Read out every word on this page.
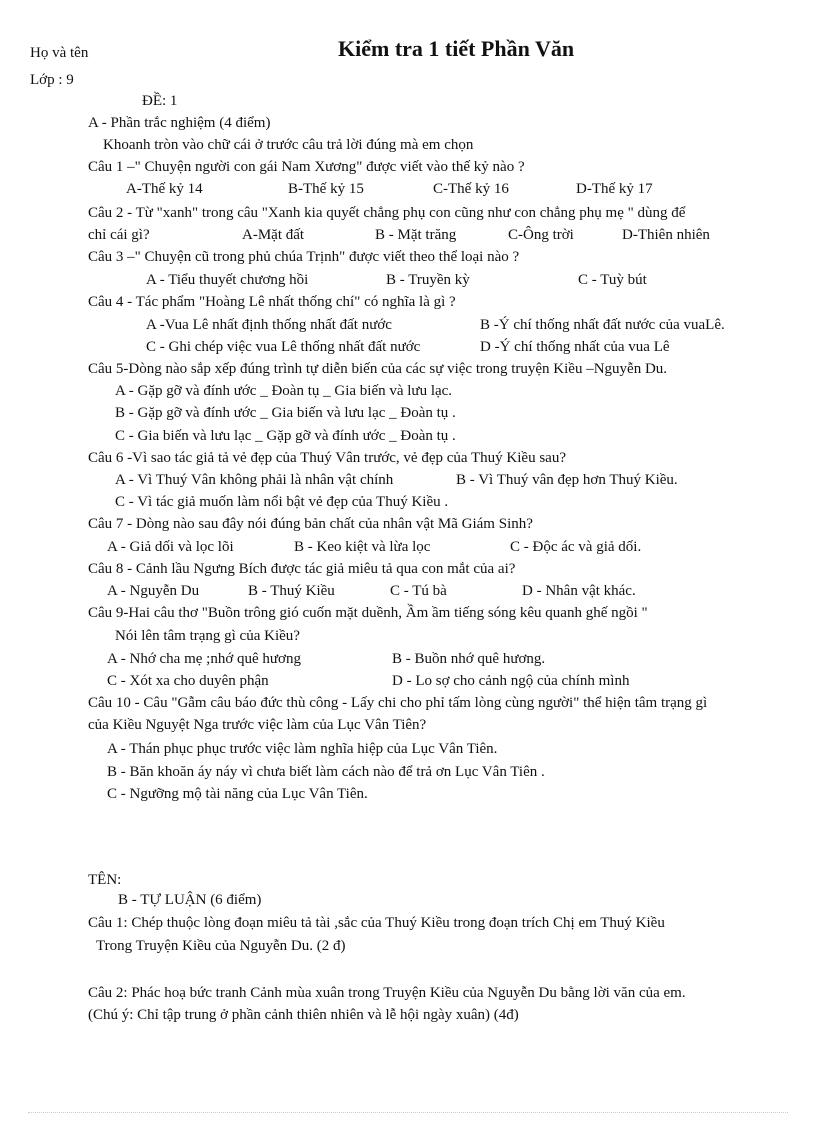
Họ và tên	Kiểm tra 1 tiết Phần Văn
Lớp : 9
ĐỀ: 1
A - Phần trắc nghiệm (4 điểm)
Khoanh tròn vào chữ cái ở trước câu trả lời đúng mà em chọn
Câu 1 –" Chuyện người con gái Nam Xương" được viết vào thế kỷ nào ?
A-Thế kỷ 14	B-Thế kỷ 15	C-Thế kỷ 16	D-Thế kỷ 17
Câu 2 - Từ "xanh" trong câu "Xanh kia quyết chẳng phụ con cũng như con chẳng phụ mẹ " dùng để
chỉ cái gì?	A-Mặt đất	B - Mặt trăng	C-Ông trời	D-Thiên nhiên
Câu 3 –" Chuyện cũ trong phủ chúa Trịnh" được viết theo thể loại nào ?
A - Tiểu thuyết chương hồi	B - Truyền kỳ	C - Tuỳ bút
Câu 4 - Tác phẩm "Hoàng Lê nhất thống chí" có nghĩa là gì ?
A -Vua Lê nhất định thống nhất đất nước	B -Ý chí thống nhất đất nước của vuaLê.
C - Ghi chép việc vua Lê thống nhất đất nước	D -Ý chí thống nhất của vua Lê
Câu 5-Dòng nào sắp xếp đúng trình tự diễn biến của các sự việc trong truyện Kiều –Nguyễn Du.
A - Gặp gỡ và đính ước _ Đoàn tụ _ Gia biến và lưu lạc.
B - Gặp gỡ và đính ước _ Gia biến và lưu lạc _ Đoàn tụ .
C - Gia biến và lưu lạc _ Gặp gỡ và đính ước _ Đoàn tụ .
Câu 6 -Vì sao tác giả tả vẻ đẹp của Thuý Vân trước, vẻ đẹp của Thuý Kiều sau?
A - Vì Thuý Vân không phải là nhân vật chính	B - Vì Thuý vân đẹp hơn Thuý Kiều.
C - Vì tác giả muốn làm nổi bật vẻ đẹp của Thuý Kiều .
Câu 7 - Dòng nào sau đây nói đúng bản chất của nhân vật Mã Giám Sinh?
A - Giả dối và lọc lõi	B - Keo kiệt và lừa lọc	C - Độc ác và giả dối.
Câu 8 - Cảnh lầu Ngưng Bích được tác giả miêu tả qua con mắt của ai?
A - Nguyễn Du	B - Thuý Kiều	C - Tú bà	D - Nhân vật khác.
Câu 9-Hai câu thơ "Buồn trông gió cuốn mặt duềnh, Ầm ầm tiếng sóng kêu quanh ghế ngồi "
Nói lên tâm trạng gì của Kiều?
A - Nhớ cha mẹ ;nhớ quê hương	B - Buồn nhớ quê hương.
C - Xót xa cho duyên phận	D - Lo sợ cho cảnh ngộ của chính mình
Câu 10 - Câu "Gẫm câu báo đức thù công - Lấy chi cho phỉ tấm lòng cùng người" thể hiện tâm trạng gì
của Kiều Nguyệt Nga trước việc làm của Lục Vân Tiên?
A - Thán phục phục trước việc làm nghĩa hiệp của Lục Vân Tiên.
B - Băn khoăn áy náy vì chưa biết làm cách nào để trả ơn Lục Vân Tiên .
C - Ngưỡng mộ tài năng của Lục Vân Tiên.
TÊN:
B - TỰ LUẬN (6 điểm)
Câu 1: Chép thuộc lòng đoạn miêu tả tài ,sắc của Thuý Kiều trong đoạn trích Chị em Thuý Kiều
Trong Truyện Kiều của Nguyễn Du. (2 đ)
Câu 2: Phác hoạ bức tranh Cảnh mùa xuân trong Truyện Kiều của Nguyễn Du bằng lời văn của em.
(Chú ý: Chỉ tập trung ở phần cảnh thiên nhiên và lễ hội ngày xuân) (4đ)
